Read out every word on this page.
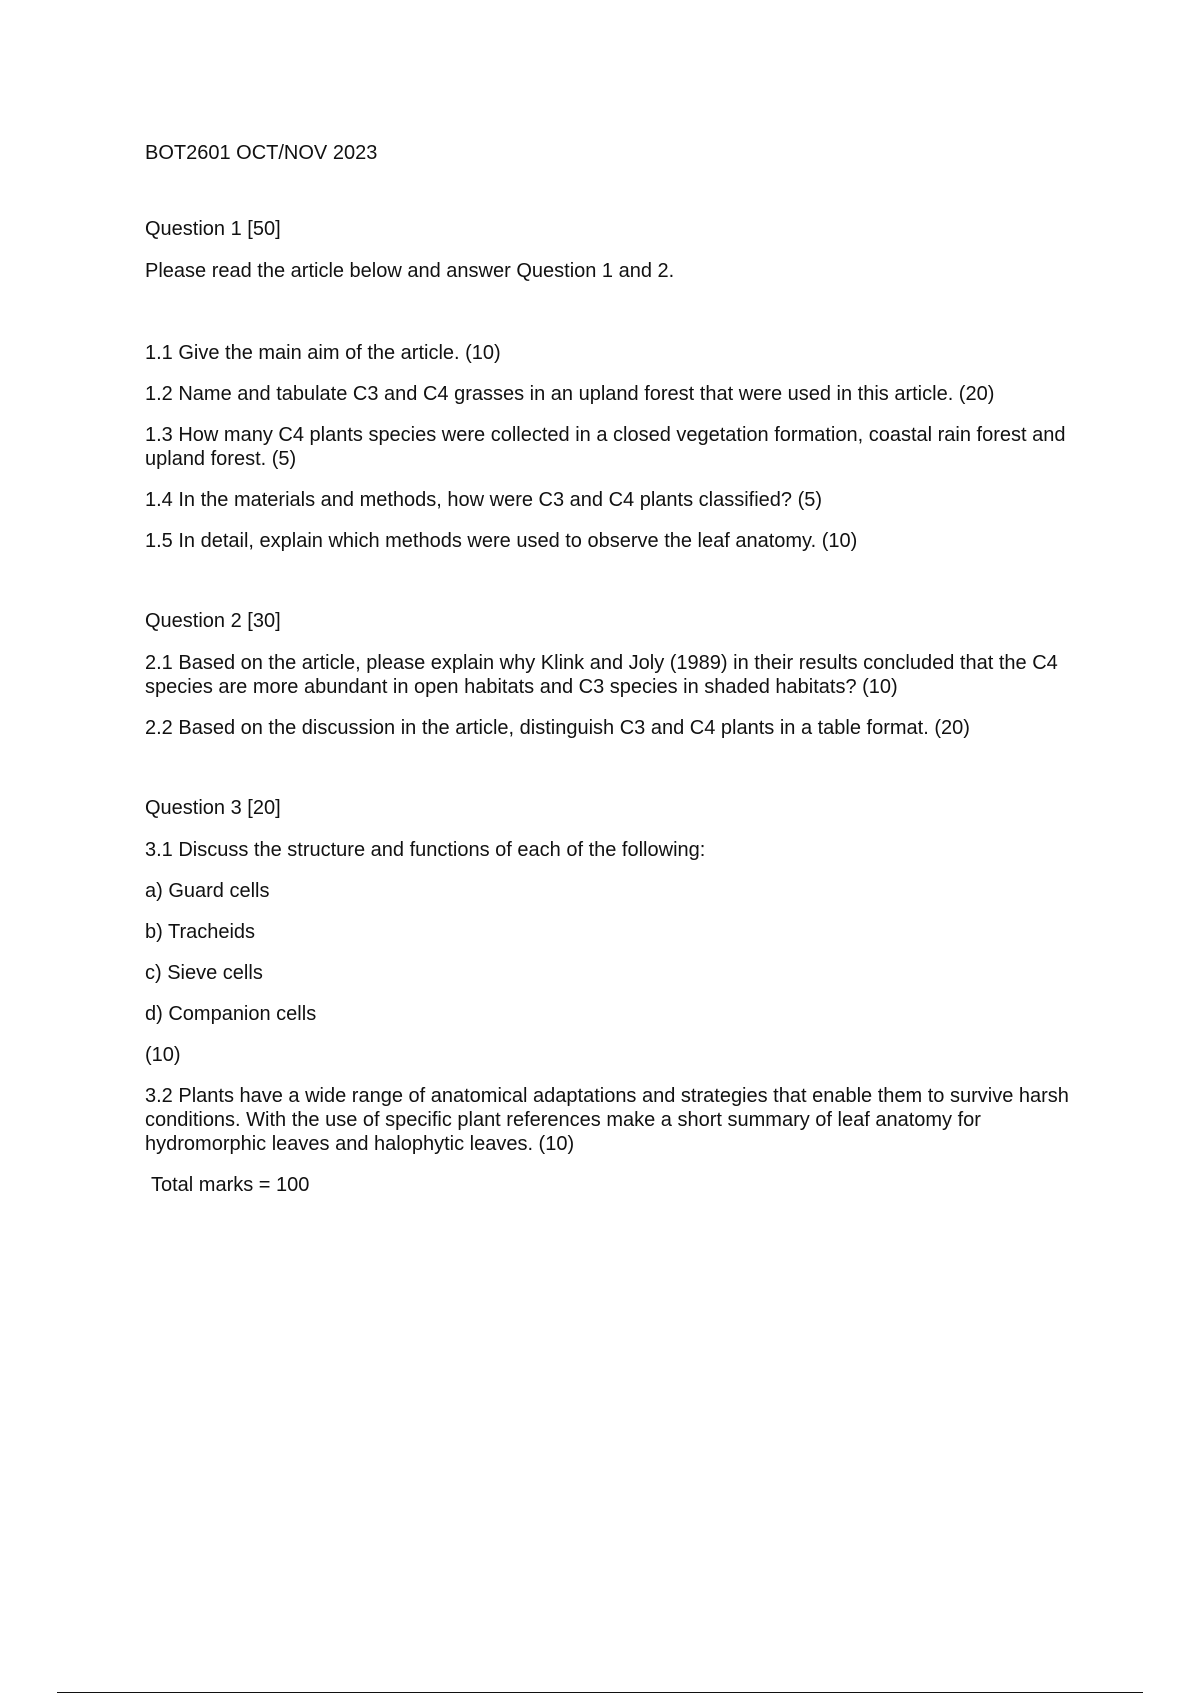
BOT2601 OCT/NOV 2023

Question 1 [50]

Please read the article below and answer Question 1 and 2.

1.1 Give the main aim of the article. (10)

1.2 Name and tabulate C3 and C4 grasses in an upland forest that were used in this article. (20)

1.3 How many C4 plants species were collected in a closed vegetation formation, coastal rain forest and upland forest. (5)

1.4 In the materials and methods, how were C3 and C4 plants classified? (5)

1.5 In detail, explain which methods were used to observe the leaf anatomy. (10)

Question 2 [30]

2.1 Based on the article, please explain why Klink and Joly (1989) in their results concluded that the C4 species are more abundant in open habitats and C3 species in shaded habitats? (10)

2.2 Based on the discussion in the article, distinguish C3 and C4 plants in a table format. (20)

Question 3 [20]

3.1 Discuss the structure and functions of each of the following:

a) Guard cells

b) Tracheids

c) Sieve cells

d) Companion cells

(10)

3.2 Plants have a wide range of anatomical adaptations and strategies that enable them to survive harsh conditions. With the use of specific plant references make a short summary of leaf anatomy for hydromorphic leaves and halophytic leaves. (10)

Total marks = 100
